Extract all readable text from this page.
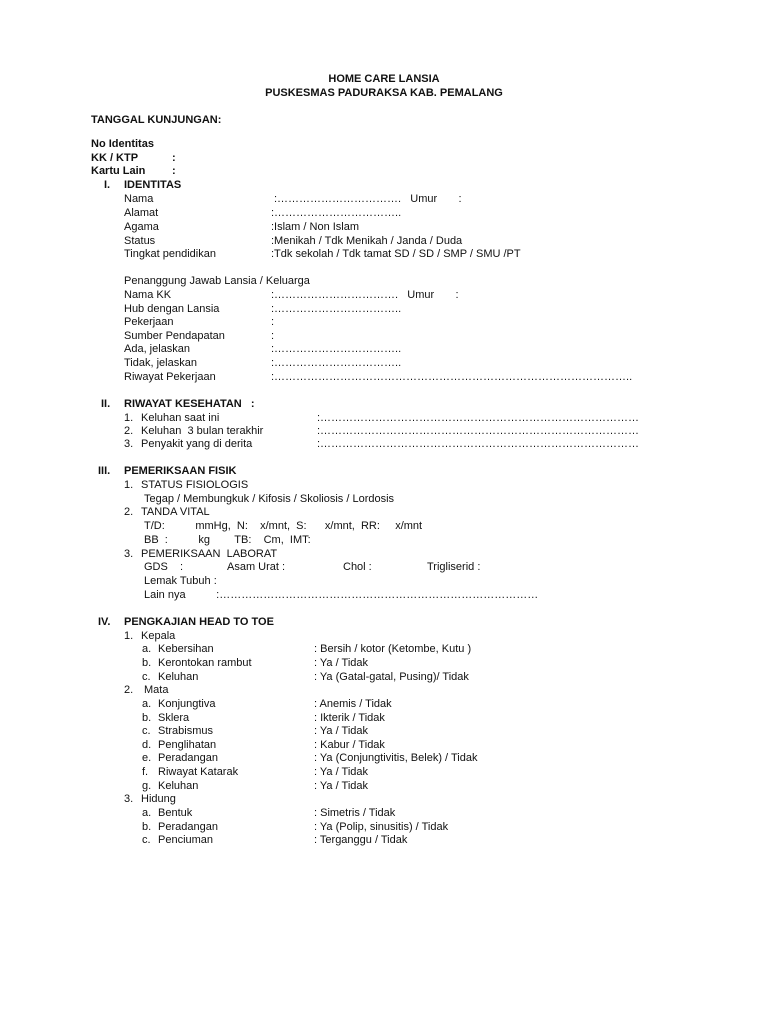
HOME CARE LANSIA
PUSKESMAS PADURAKSA KAB. PEMALANG
TANGGAL KUNJUNGAN:
No Identitas
KK / KTP	:
Kartu Lain :
I. IDENTITAS
Nama	:…………………………….   Umur       :
Alamat	:……………………………..
Agama	:Islam / Non Islam
Status	:Menikah / Tdk Menikah / Janda / Duda
Tingkat pendidikan	:Tdk sekolah / Tdk tamat SD / SD / SMP / SMU /PT
Penanggung Jawab Lansia / Keluarga
Nama KK	:…………………………….   Umur       :
Hub dengan Lansia	:……………………………..
Pekerjaan	:
Sumber Pendapatan	:
Ada, jelaskan	:……………………………..
Tidak, jelaskan	:……………………………..
Riwayat Pekerjaan	:……………………………………………………………………………………..
II. RIWAYAT KESEHATAN   :
1. Keluhan saat ini	:……………………………………………………………………………
2. Keluhan  3 bulan terakhir	:……………………………………………………………………………
3. Penyakit yang di derita	:……………………………………………………………………………
III. PEMERIKSAAN FISIK
1. STATUS FISIOLOGIS
Tegap / Membungkuk / Kifosis / Skoliosis / Lordosis
2. TANDA VITAL
T/D:          mmHg,  N:    x/mnt,  S:      x/mnt,  RR:     x/mnt
BB  :          kg        TB:    Cm,  IMT:
3. PEMERIKSAAN  LABORAT
GDS    :	Asam Urat :	Chol :	Trigliserid :
Lemak Tubuh :
Lain nya          :……………………………………………………………………………
IV. PENGKAJIAN HEAD TO TOE
1. Kepala
a. Kebersihan	: Bersih / kotor (Ketombe, Kutu )
b. Kerontokan rambut	: Ya / Tidak
c. Keluhan	: Ya (Gatal-gatal, Pusing)/ Tidak
2. Mata
a. Konjungtiva	: Anemis / Tidak
b. Sklera	: Ikterik / Tidak
c. Strabismus	: Ya / Tidak
d. Penglihatan	: Kabur / Tidak
e. Peradangan	: Ya (Conjungtivitis, Belek) / Tidak
f. Riwayat Katarak	: Ya / Tidak
g. Keluhan	: Ya / Tidak
3. Hidung
a. Bentuk	: Simetris / Tidak
b. Peradangan	: Ya (Polip, sinusitis) / Tidak
c. Penciuman	: Terganggu / Tidak
